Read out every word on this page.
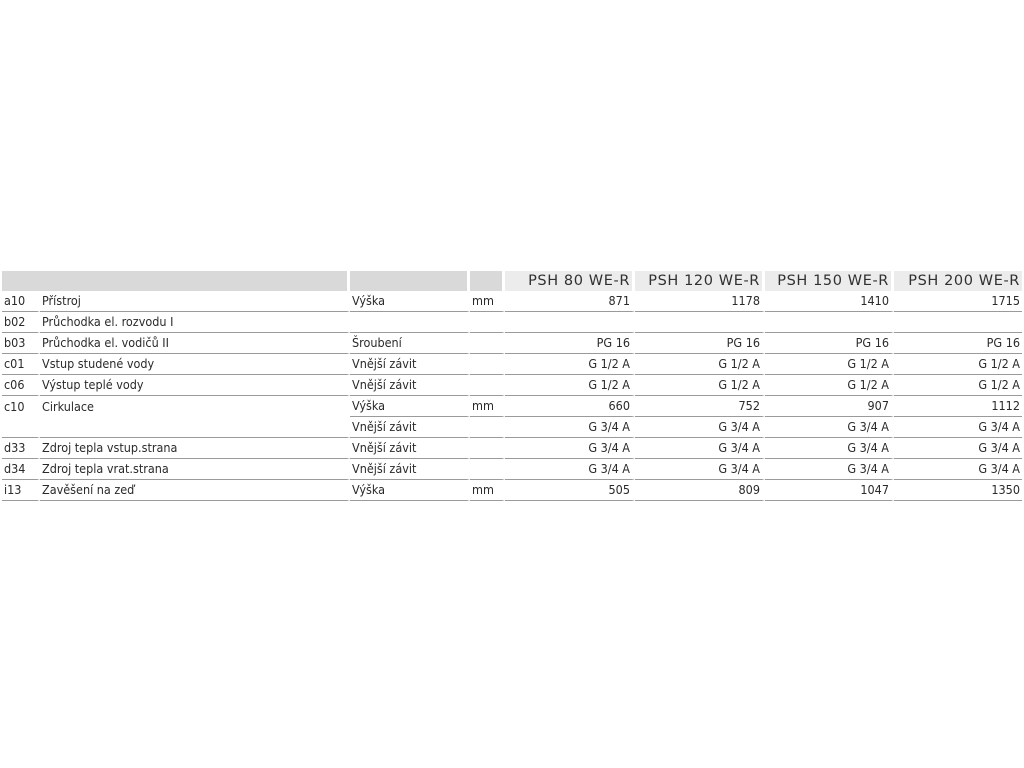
				PSH 80 WE-R	PSH 120 WE-R	PSH 150 WE-R	PSH 200 WE-R
a10	Přístroj	Výška	mm	871	1178	1410	1715
b02	Průchodka el. rozvodu I						
b03	Průchodka el. vodičů II	Šroubení		PG 16	PG 16	PG 16	PG 16
c01	Vstup studené vody	Vnější závit		G 1/2 A	G 1/2 A	G 1/2 A	G 1/2 A
c06	Výstup teplé vody	Vnější závit		G 1/2 A	G 1/2 A	G 1/2 A	G 1/2 A
c10	Cirkulace	Výška	mm	660	752	907	1112
		Vnější závit		G 3/4 A	G 3/4 A	G 3/4 A	G 3/4 A
d33	Zdroj tepla vstup.strana	Vnější závit		G 3/4 A	G 3/4 A	G 3/4 A	G 3/4 A
d34	Zdroj tepla vrat.strana	Vnější závit		G 3/4 A	G 3/4 A	G 3/4 A	G 3/4 A
i13	Zavěšení na zeď	Výška	mm	505	809	1047	1350
